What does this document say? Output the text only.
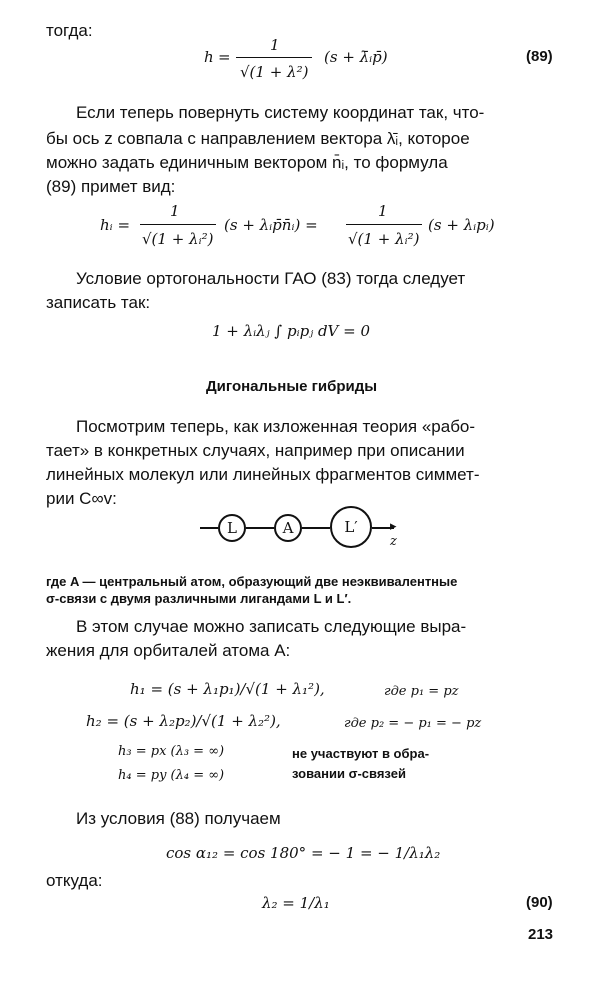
тогда:
h =
1
√(1 + λ²)
(s + λ̄ᵢp̄)	(89)
Если теперь повернуть систему координат так, что-
бы ось z совпала с направлением вектора λ̄ᵢ, которое
можно задать единичным вектором n̄ᵢ, то формула
(89) примет вид:
hᵢ =
1
√(1 + λᵢ²)
(s + λᵢp̄n̄ᵢ) =
1
√(1 + λᵢ²)
(s + λᵢpᵢ)
Условие ортогональности ГАО (83) тогда следует
записать так:
1 + λᵢλⱼ ∫ pᵢpⱼ dV = 0
Дигональные гибриды
Посмотрим теперь, как изложенная теория «рабо-
тает» в конкретных случаях, например при описании
линейных молекул или линейных фрагментов симмет-
рии C∞v:
L	A	L′ ▸
z
где A — центральный атом, образующий две неэквивалентные
σ-связи с двумя различными лигандами L и L′.
В этом случае можно записать следующие выра-
жения для орбиталей атома A:
h₁ = (s + λ₁p₁)/√(1 + λ₁²),	где p₁ = pz
h₂ = (s + λ₂p₂)/√(1 + λ₂²),	где p₂ = − p₁ = − pz
h₃ = px (λ₃ = ∞)
h₄ = py (λ₄ = ∞)
не участвуют в обра-
зовании σ-связей
Из условия (88) получаем
cos α₁₂ = cos 180° = − 1 = − 1/λ₁λ₂
откуда:
λ₂ = 1/λ₁	(90)
213
